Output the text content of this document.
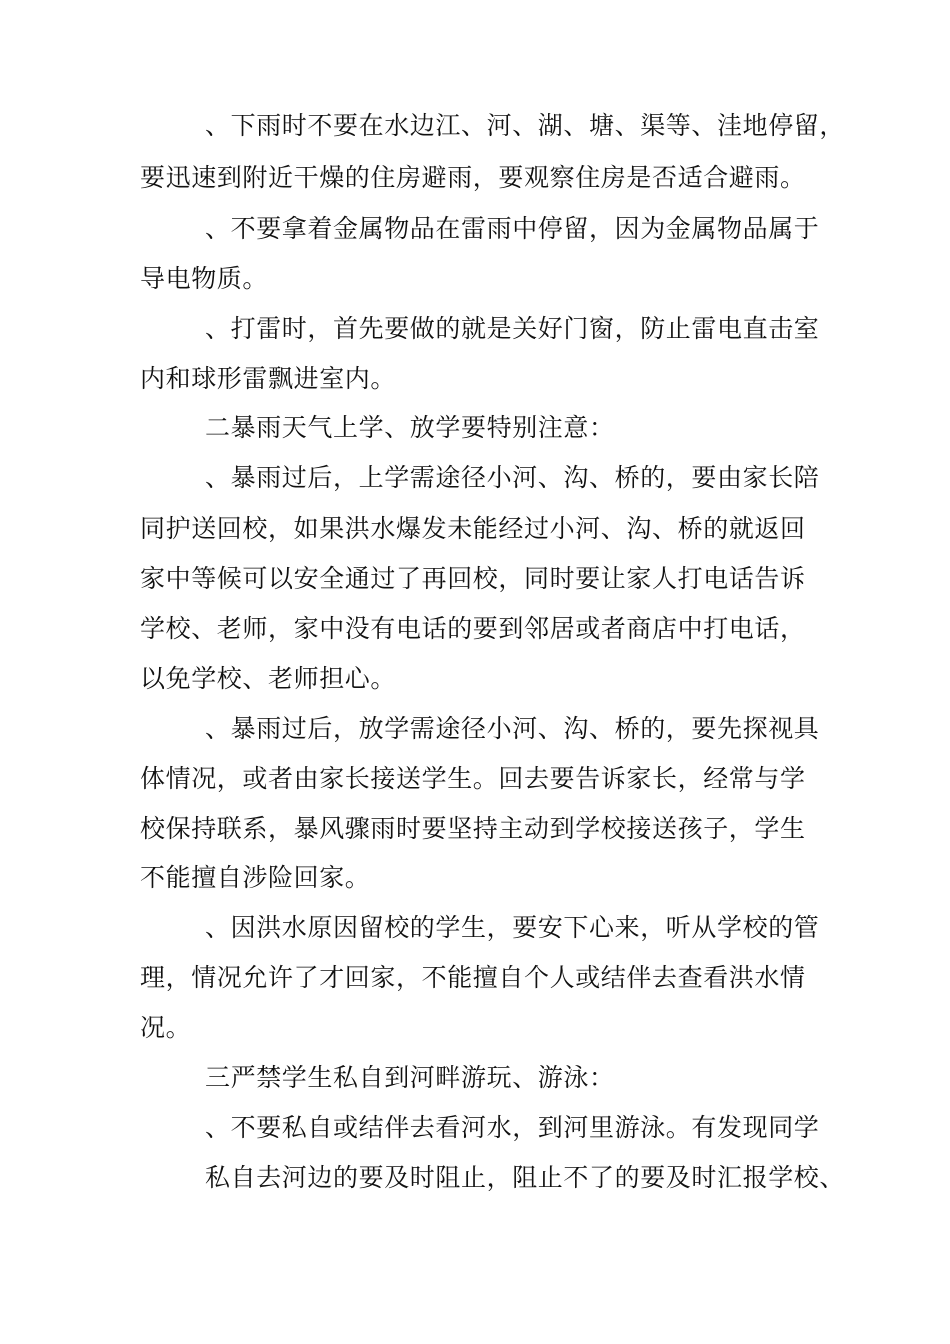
、下雨时不要在水边江、河、湖、塘、渠等、洼地停留，
要迅速到附近干燥的住房避雨，要观察住房是否适合避雨。
、不要拿着金属物品在雷雨中停留，因为金属物品属于
导电物质。
、打雷时，首先要做的就是关好门窗，防止雷电直击室
内和球形雷飘进室内。
二暴雨天气上学、放学要特别注意：
、暴雨过后，上学需途径小河、沟、桥的，要由家长陪
同护送回校，如果洪水爆发未能经过小河、沟、桥的就返回
家中等候可以安全通过了再回校，同时要让家人打电话告诉
学校、老师，家中没有电话的要到邻居或者商店中打电话，
以免学校、老师担心。
、暴雨过后，放学需途径小河、沟、桥的，要先探视具
体情况，或者由家长接送学生。回去要告诉家长，经常与学
校保持联系，暴风骤雨时要坚持主动到学校接送孩子，学生
不能擅自涉险回家。
、因洪水原因留校的学生，要安下心来，听从学校的管
理，情况允许了才回家，不能擅自个人或结伴去查看洪水情
况。
三严禁学生私自到河畔游玩、游泳：
、不要私自或结伴去看河水，到河里游泳。有发现同学
私自去河边的要及时阻止，阻止不了的要及时汇报学校、
